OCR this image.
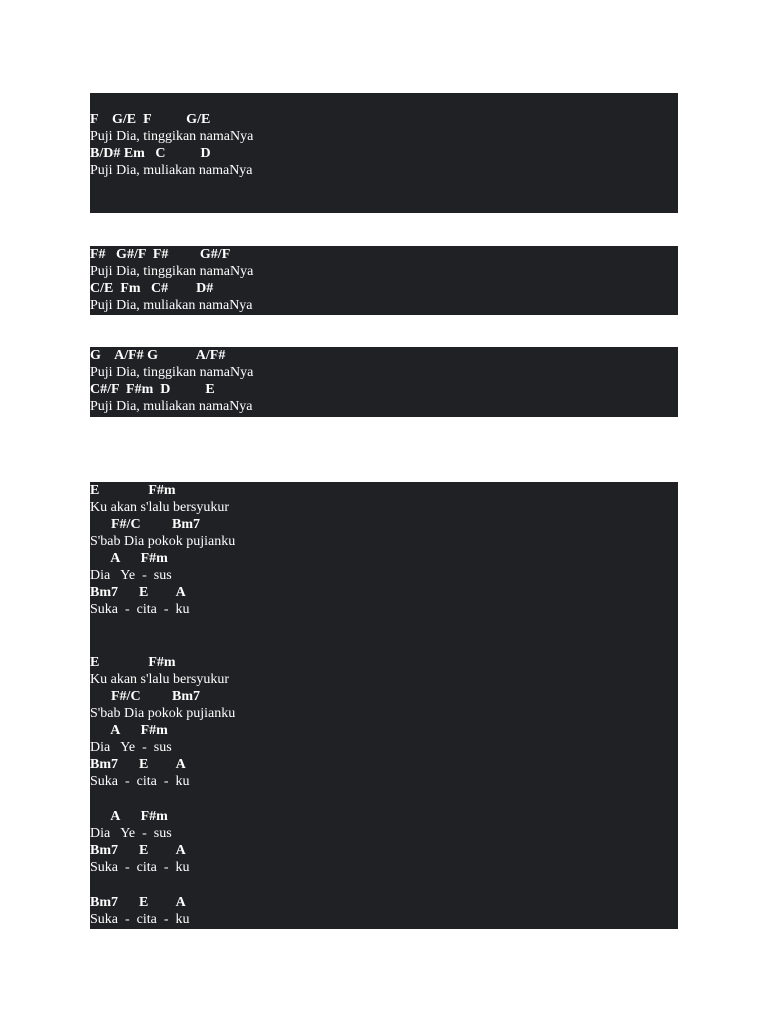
F    G/E  F          G/E
Puji Dia, tinggikan namaNya
B/D# Em   C          D
Puji Dia, muliakan namaNya
F#   G#/F  F#         G#/F
Puji Dia, tinggikan namaNya
C/E  Fm   C#        D#
Puji Dia, muliakan namaNya
G    A/F# G           A/F#
Puji Dia, tinggikan namaNya
C#/F  F#m  D          E
Puji Dia, muliakan namaNya
E              F#m
Ku akan s'lalu bersyukur
F#/C         Bm7
S'bab Dia pokok pujianku
A      F#m
Dia   Ye  -  sus
Bm7      E        A
Suka  -  cita  -  ku
E              F#m
Ku akan s'lalu bersyukur
F#/C         Bm7
S'bab Dia pokok pujianku
A      F#m
Dia   Ye  -  sus
Bm7      E        A
Suka  -  cita  -  ku
A      F#m
Dia   Ye  -  sus
Bm7      E        A
Suka  -  cita  -  ku
Bm7      E        A
Suka  -  cita  -  ku
